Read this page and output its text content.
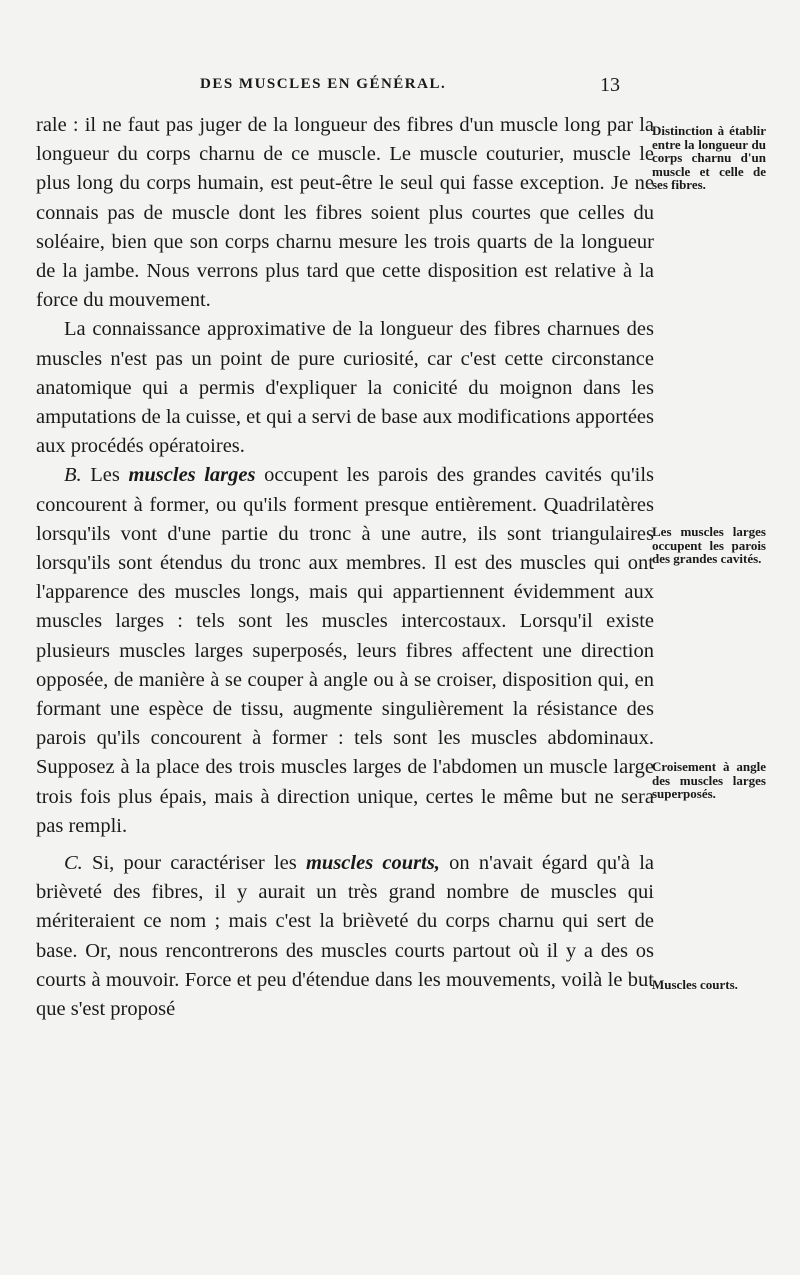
DES MUSCLES EN GÉNÉRAL.	13

rale : il ne faut pas juger de la longueur des fibres d'un muscle long par la longueur du corps charnu de ce muscle. Le muscle couturier, muscle le plus long du corps humain, est peut-être le seul qui fasse exception. Je ne connais pas de muscle dont les fibres soient plus courtes que celles du soléaire, bien que son corps charnu mesure les trois quarts de la longueur de la jambe. Nous verrons plus tard que cette disposition est relative à la force du mouvement.

La connaissance approximative de la longueur des fibres charnues des muscles n'est pas un point de pure curiosité, car c'est cette circonstance anatomique qui a permis d'expliquer la conicité du moignon dans les amputations de la cuisse, et qui a servi de base aux modifications apportées aux procédés opératoires.

B. Les muscles larges occupent les parois des grandes cavités qu'ils concourent à former, ou qu'ils forment presque entièrement. Quadrilatères lorsqu'ils vont d'une partie du tronc à une autre, ils sont triangulaires lorsqu'ils sont étendus du tronc aux membres. Il est des muscles qui ont l'apparence des muscles longs, mais qui appartiennent évidemment aux muscles larges : tels sont les muscles intercostaux. Lorsqu'il existe plusieurs muscles larges superposés, leurs fibres affectent une direction opposée, de manière à se couper à angle ou à se croiser, disposition qui, en formant une espèce de tissu, augmente singulièrement la résistance des parois qu'ils concourent à former : tels sont les muscles abdominaux. Supposez à la place des trois muscles larges de l'abdomen un muscle large trois fois plus épais, mais à direction unique, certes le même but ne sera pas rempli.

C. Si, pour caractériser les muscles courts, on n'avait égard qu'à la brièveté des fibres, il y aurait un très grand nombre de muscles qui mériteraient ce nom ; mais c'est la brièveté du corps charnu qui sert de base. Or, nous rencontrerons des muscles courts partout où il y a des os courts à mouvoir. Force et peu d'étendue dans les mouvements, voilà le but que s'est proposé

Distinction à établir entre la longueur du corps charnu d'un muscle et celle de ses fibres.
Les muscles larges occupent les parois des grandes cavités.
Croisement à angle des muscles larges superposés.
Muscles courts.
